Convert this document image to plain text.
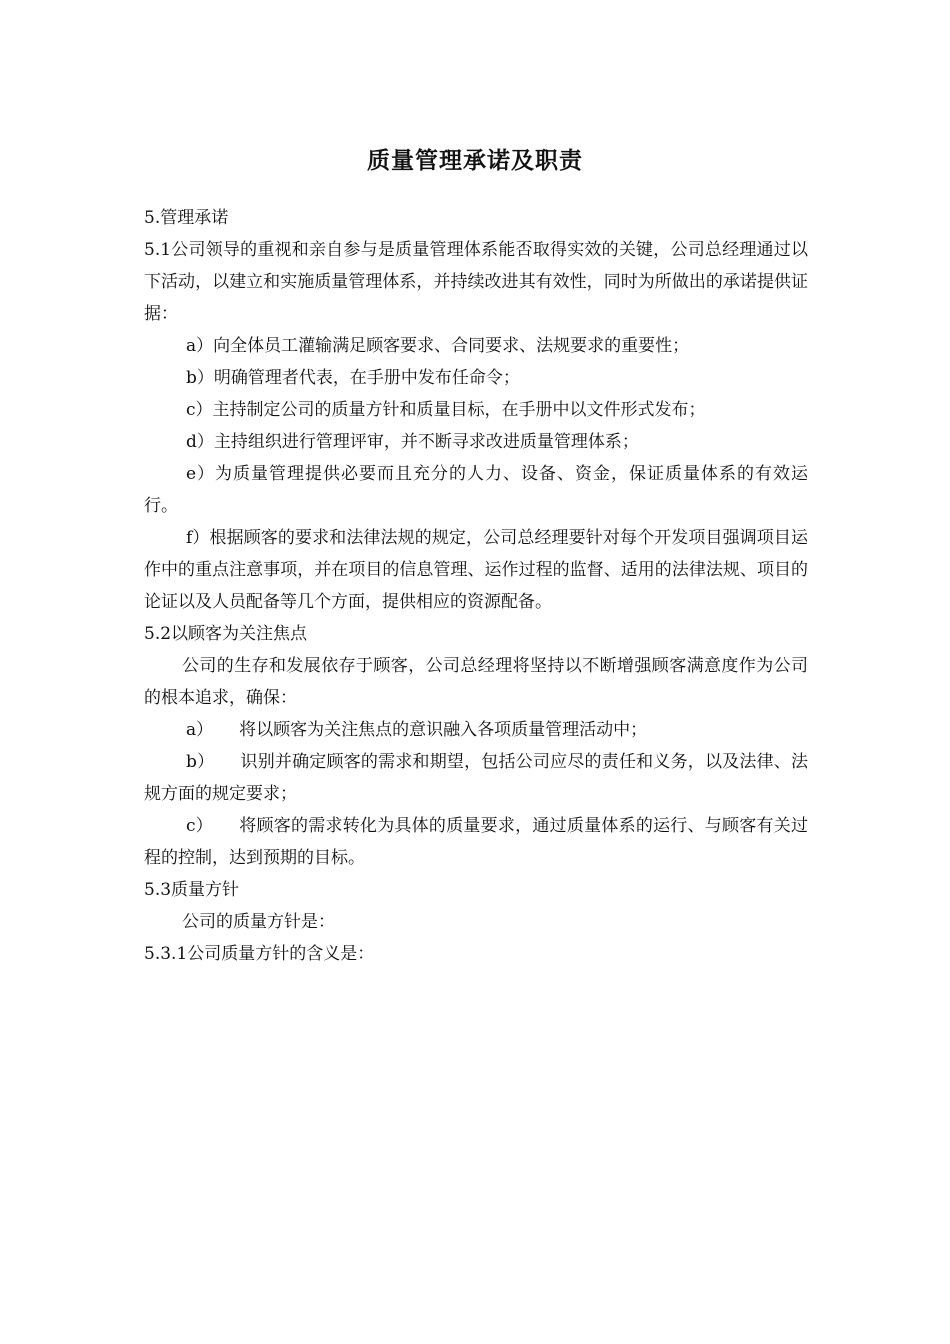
质量管理承诺及职责

5.管理承诺

5.1公司领导的重视和亲自参与是质量管理体系能否取得实效的关键，公司总经理通过以下活动，以建立和实施质量管理体系，并持续改进其有效性，同时为所做出的承诺提供证据：

a）向全体员工灌输满足顾客要求、合同要求、法规要求的重要性；

b）明确管理者代表，在手册中发布任命令；

c）主持制定公司的质量方针和质量目标，在手册中以文件形式发布；

d）主持组织进行管理评审，并不断寻求改进质量管理体系；

e）为质量管理提供必要而且充分的人力、设备、资金，保证质量体系的有效运行。

f）根据顾客的要求和法律法规的规定，公司总经理要针对每个开发项目强调项目运作中的重点注意事项，并在项目的信息管理、运作过程的监督、适用的法律法规、项目的论证以及人员配备等几个方面，提供相应的资源配备。

5.2以顾客为关注焦点

公司的生存和发展依存于顾客，公司总经理将坚持以不断增强顾客满意度作为公司的根本追求，确保：

a） 将以顾客为关注焦点的意识融入各项质量管理活动中；

b） 识别并确定顾客的需求和期望，包括公司应尽的责任和义务，以及法律、法规方面的规定要求；

c） 将顾客的需求转化为具体的质量要求，通过质量体系的运行、与顾客有关过程的控制，达到预期的目标。

5.3质量方针

公司的质量方针是：

5.3.1公司质量方针的含义是：
